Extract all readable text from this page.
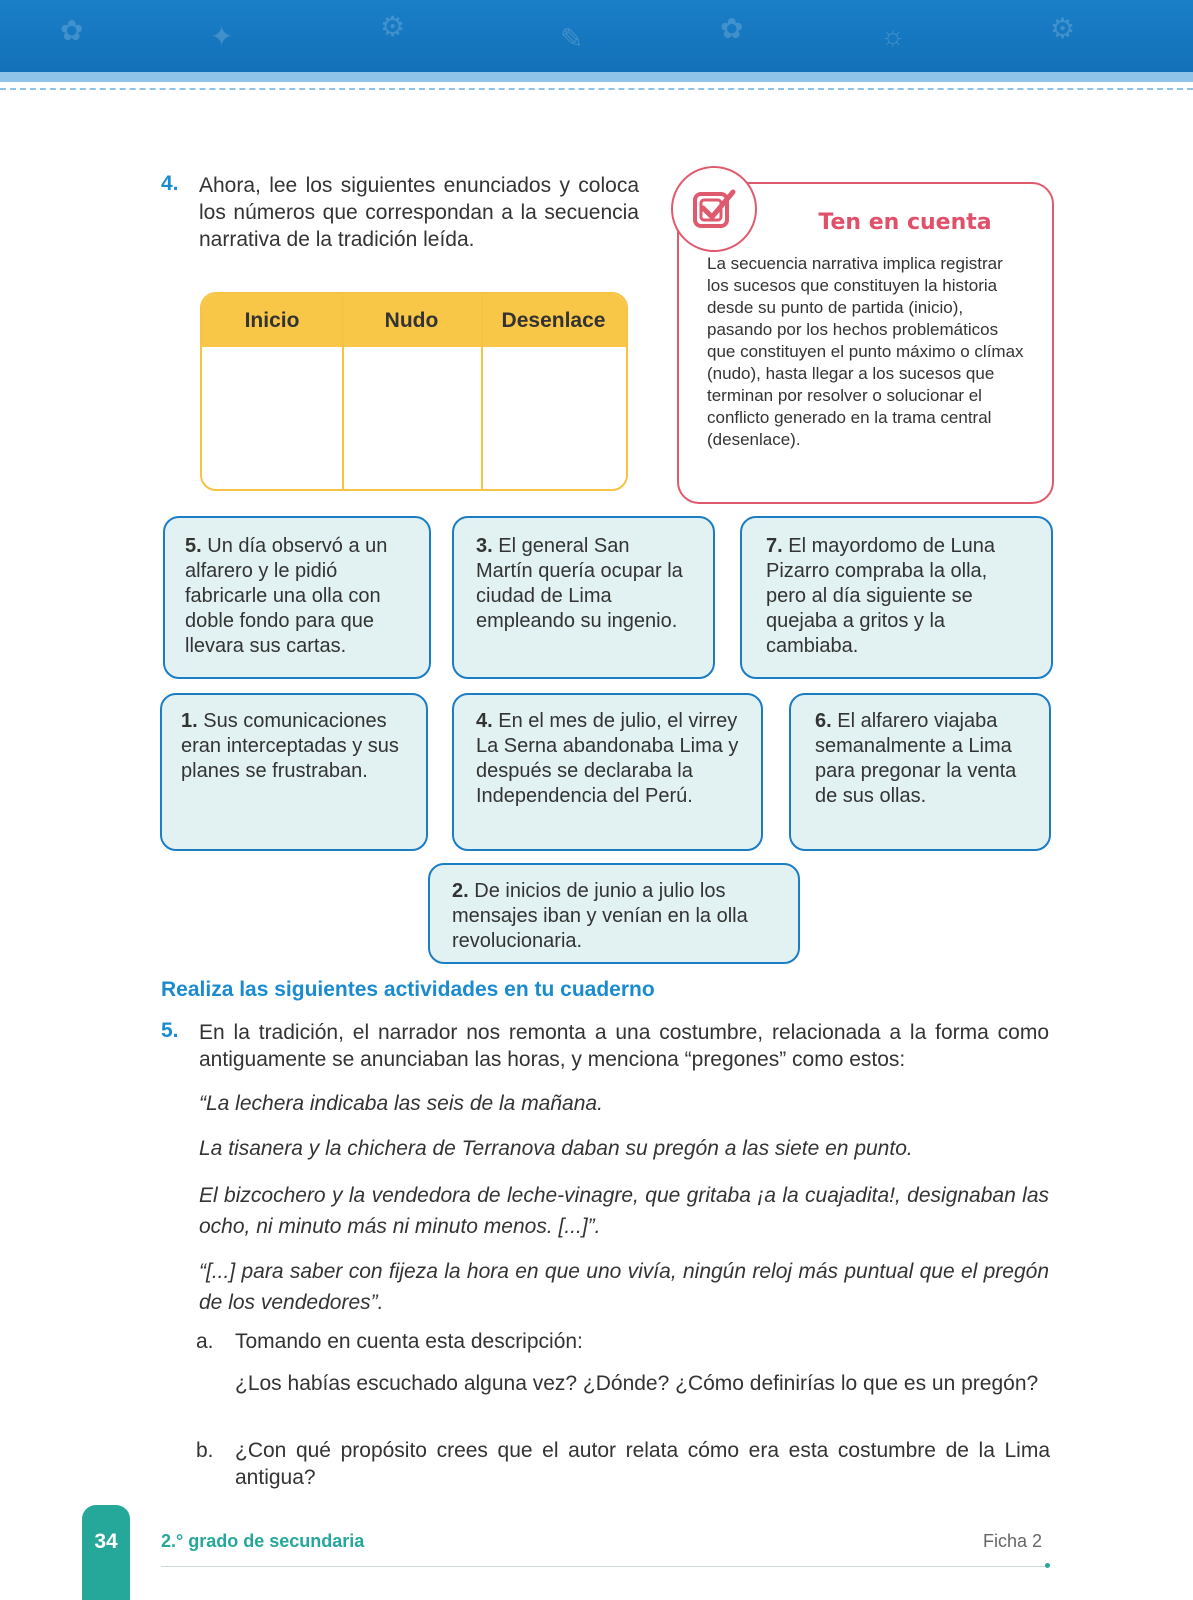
✿	✦	⚙	✎	✿	☼	⚙
4. Ahora, lee los siguientes enunciados y coloca los números que correspondan a la secuencia narrativa de la tradición leída.
Inicio	Nudo	Desenlace
Ten en cuenta
La secuencia narrativa implica registrar los sucesos que constituyen la historia desde su punto de partida (inicio), pasando por los hechos problemáticos que constituyen el punto máximo o clímax (nudo), hasta llegar a los sucesos que terminan por resolver o solucionar el conflicto generado en la trama central (desenlace).
5. Un día observó a un alfarero y le pidió fabricarle una olla con doble fondo para que llevara sus cartas.
3. El general San Martín quería ocupar la ciudad de Lima empleando su ingenio.
7. El mayordomo de Luna Pizarro compraba la olla, pero al día siguiente se quejaba a gritos y la cambiaba.
1. Sus comunicaciones eran interceptadas y sus planes se frustraban.
4. En el mes de julio, el virrey La Serna abandonaba Lima y después se declaraba la Independencia del Perú.
6. El alfarero viajaba semanalmente a Lima para pregonar la venta de sus ollas.
2. De inicios de junio a julio los mensajes iban y venían en la olla revolucionaria.
Realiza las siguientes actividades en tu cuaderno
5. En la tradición, el narrador nos remonta a una costumbre, relacionada a la forma como antiguamente se anunciaban las horas, y menciona “pregones” como estos:
“La lechera indicaba las seis de la mañana.
La tisanera y la chichera de Terranova daban su pregón a las siete en punto.
El bizcochero y la vendedora de leche-vinagre, que gritaba ¡a la cuajadita!, designaban las ocho, ni minuto más ni minuto menos. [...]”.
“[...] para saber con fijeza la hora en que uno vivía, ningún reloj más puntual que el pregón de los vendedores”.
a. Tomando en cuenta esta descripción:
¿Los habías escuchado alguna vez? ¿Dónde? ¿Cómo definirías lo que es un pregón?
b. ¿Con qué propósito crees que el autor relata cómo era esta costumbre de la Lima antigua?
34	2.° grado de secundaria	Ficha 2
